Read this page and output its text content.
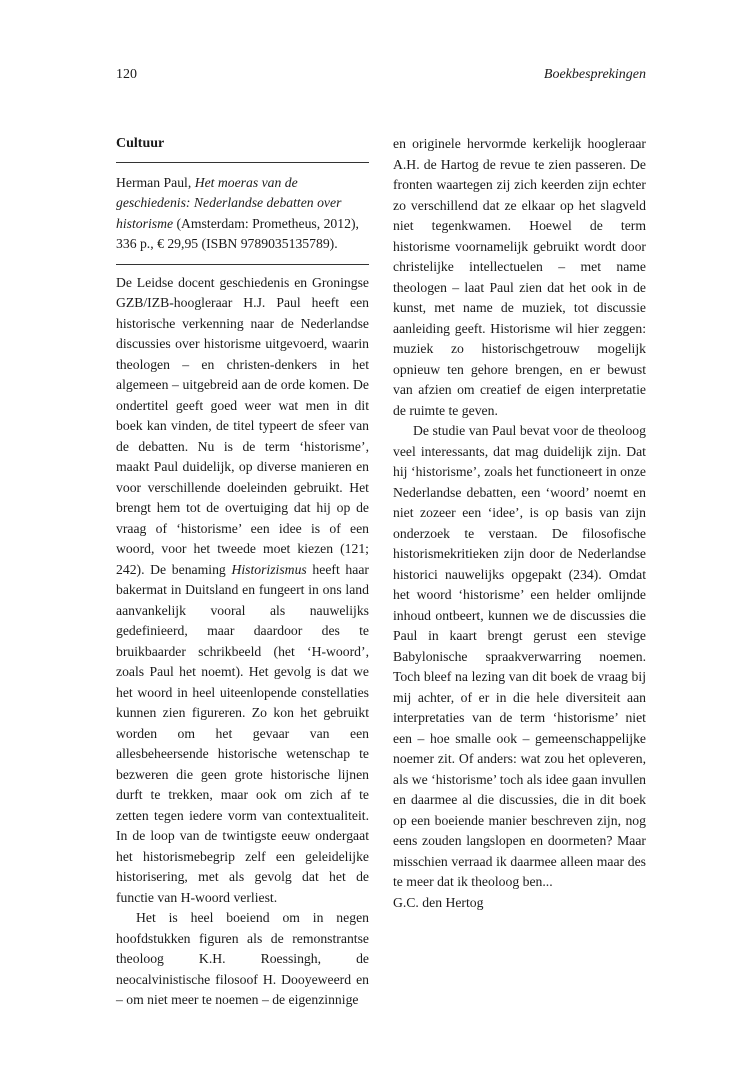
120	Boekbesprekingen
Cultuur

Herman Paul, Het moeras van de geschiedenis: Nederlandse debatten over historisme (Amsterdam: Prometheus, 2012), 336 p., € 29,95 (ISBN 9789035135789).

De Leidse docent geschiedenis en Groningse GZB/IZB-hoogleraar H.J. Paul heeft een historische verkenning naar de Nederlandse discussies over historisme uitgevoerd, waarin theologen – en christen-denkers in het algemeen – uitgebreid aan de orde komen. De ondertitel geeft goed weer wat men in dit boek kan vinden, de titel typeert de sfeer van de debatten. Nu is de term ‘historisme’, maakt Paul duidelijk, op diverse manieren en voor verschillende doeleinden gebruikt. Het brengt hem tot de overtuiging dat hij op de vraag of ‘historisme’ een idee is of een woord, voor het tweede moet kiezen (121; 242). De benaming Historizismus heeft haar bakermat in Duitsland en fungeert in ons land aanvankelijk vooral als nauwelijks gedefinieerd, maar daardoor des te bruikbaarder schrikbeeld (het ‘H-woord’, zoals Paul het noemt). Het gevolg is dat we het woord in heel uiteenlopende constellaties kunnen zien figureren. Zo kon het gebruikt worden om het gevaar van een allesbeheersende historische wetenschap te bezweren die geen grote historische lijnen durft te trekken, maar ook om zich af te zetten tegen iedere vorm van contextualiteit. In de loop van de twintigste eeuw ondergaat het historismebegrip zelf een geleidelijke historisering, met als gevolg dat het de functie van H-woord verliest.

Het is heel boeiend om in negen hoofdstukken figuren als de remonstrantse theoloog K.H. Roessingh, de neocalvinistische filosoof H. Dooyeweerd en – om niet meer te noemen – de eigenzinnige

en originele hervormde kerkelijk hoogleraar A.H. de Hartog de revue te zien passeren. De fronten waartegen zij zich keerden zijn echter zo verschillend dat ze elkaar op het slagveld niet tegenkwamen. Hoewel de term historisme voornamelijk gebruikt wordt door christelijke intellectuelen – met name theologen – laat Paul zien dat het ook in de kunst, met name de muziek, tot discussie aanleiding geeft. Historisme wil hier zeggen: muziek zo historischgetrouw mogelijk opnieuw ten gehore brengen, en er bewust van afzien om creatief de eigen interpretatie de ruimte te geven.

De studie van Paul bevat voor de theoloog veel interessants, dat mag duidelijk zijn. Dat hij ‘historisme’, zoals het functioneert in onze Nederlandse debatten, een ‘woord’ noemt en niet zozeer een ‘idee’, is op basis van zijn onderzoek te verstaan. De filosofische historismekritieken zijn door de Nederlandse historici nauwelijks opgepakt (234). Omdat het woord ‘historisme’ een helder omlijnde inhoud ontbeert, kunnen we de discussies die Paul in kaart brengt gerust een stevige Babylonische spraakverwarring noemen. Toch bleef na lezing van dit boek de vraag bij mij achter, of er in die hele diversiteit aan interpretaties van de term ‘historisme’ niet een – hoe smalle ook – gemeenschappelijke noemer zit. Of anders: wat zou het opleveren, als we ‘historisme’ toch als idee gaan invullen en daarmee al die discussies, die in dit boek op een boeiende manier beschreven zijn, nog eens zouden langslopen en doormeten? Maar misschien verraad ik daarmee alleen maar des te meer dat ik theoloog ben...

G.C. den Hertog
